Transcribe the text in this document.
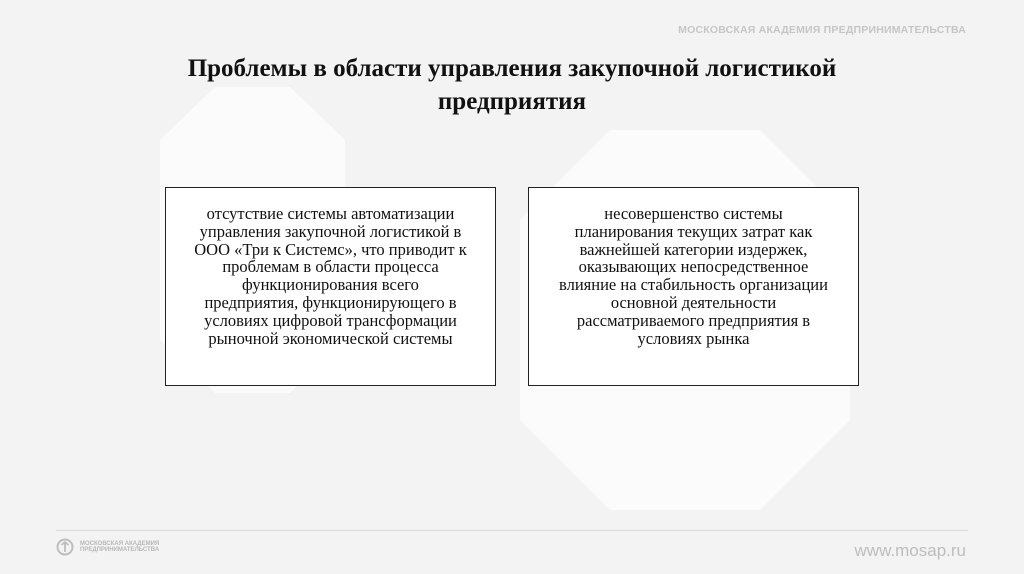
МОСКОВСКАЯ АКАДЕМИЯ ПРЕДПРИНИМАТЕЛЬСТВА
Проблемы в области управления закупочной логистикой
предприятия
отсутствие системы автоматизации
управления закупочной логистикой в
ООО «Три к Системс», что приводит к
проблемам в области процесса
функционирования всего
предприятия, функционирующего в
условиях цифровой трансформации
рыночной экономической системы
несовершенство системы
планирования текущих затрат как
важнейшей категории издержек,
оказывающих непосредственное
влияние на стабильность организации
основной деятельности
рассматриваемого предприятия в
условиях рынка
МОСКОВСКАЯ АКАДЕМИЯ
ПРЕДПРИНИМАТЕЛЬСТВА	www.mosap.ru
